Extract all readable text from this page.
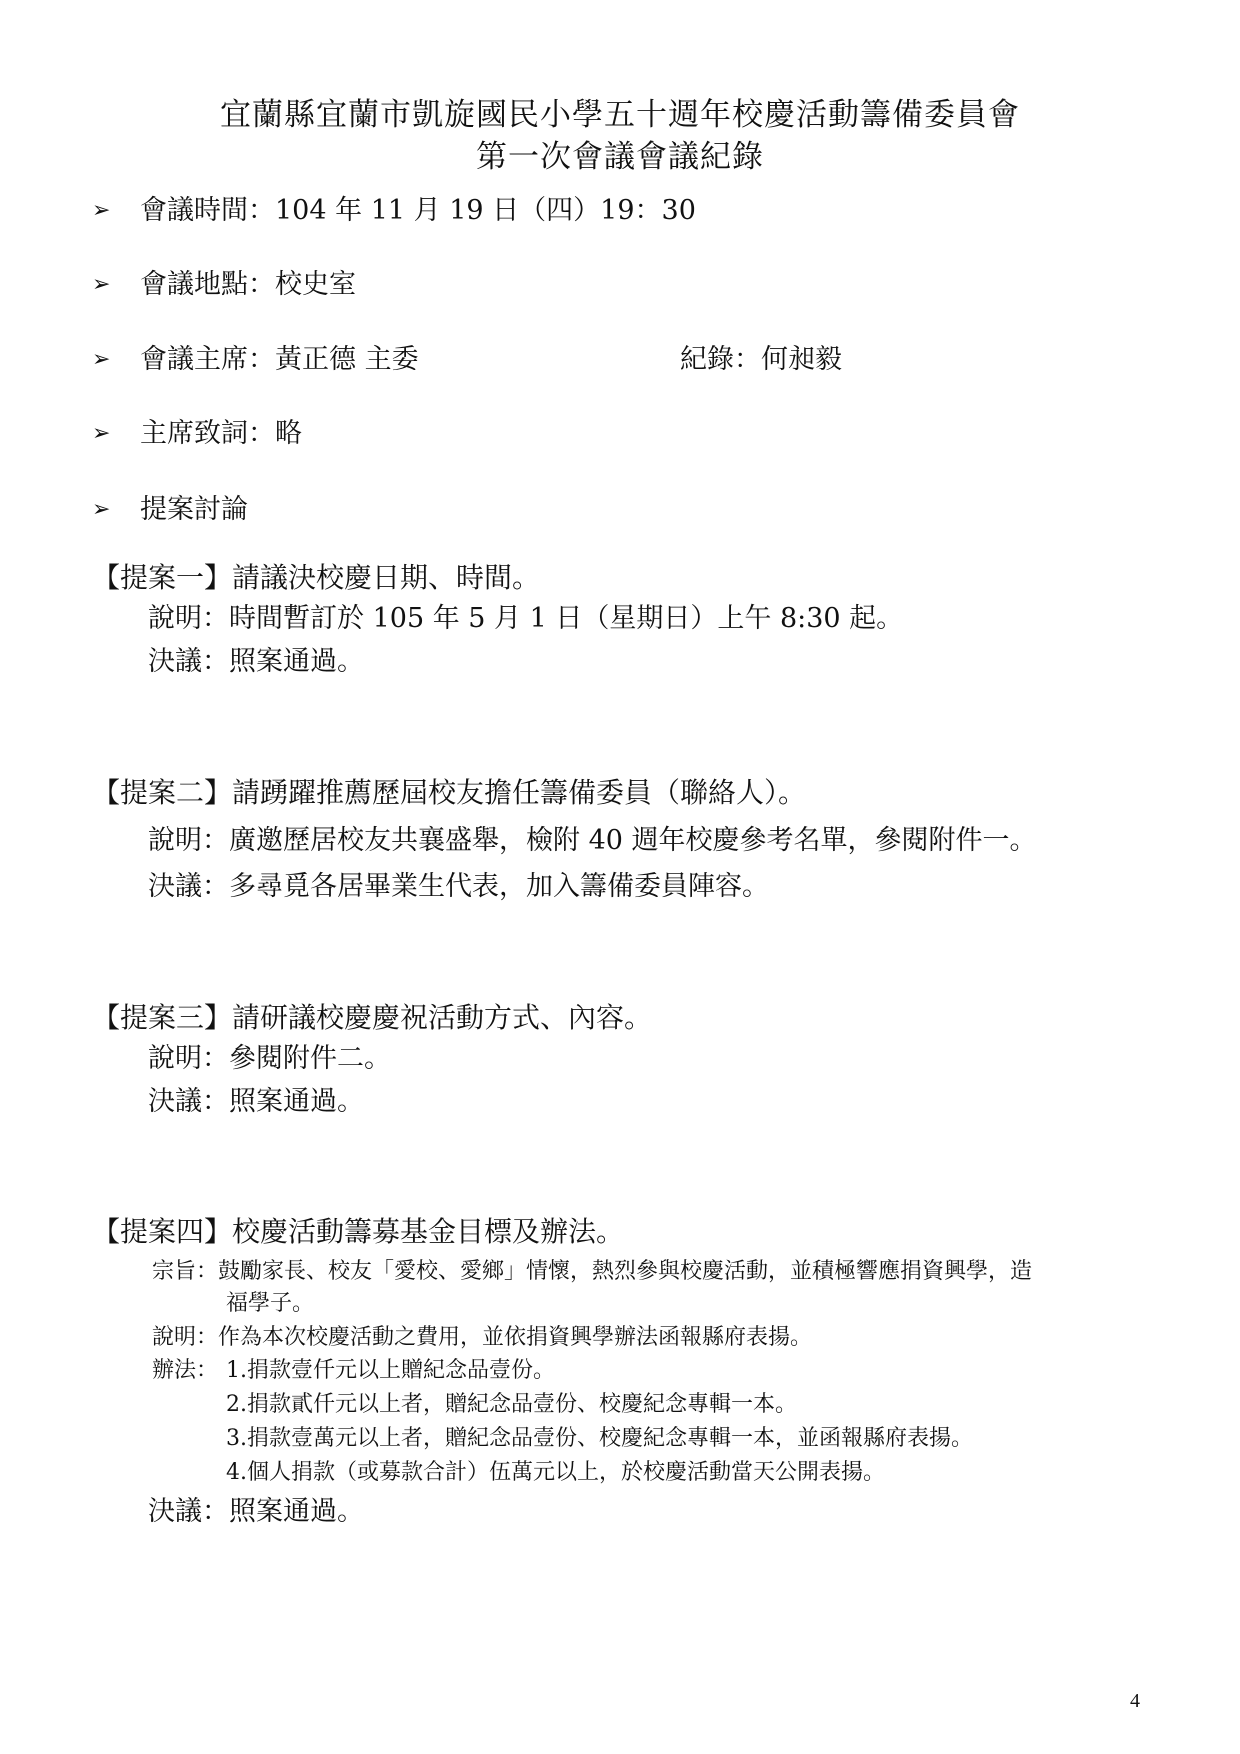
宜蘭縣宜蘭市凱旋國民小學五十週年校慶活動籌備委員會
第一次會議會議紀錄
➢ 會議時間：104 年 11 月 19 日（四）19：30
➢ 會議地點：校史室
➢ 會議主席：黃正德 主委	紀錄：何昶毅
➢ 主席致詞：略
➢ 提案討論
【提案一】請議決校慶日期、時間。
說明：時間暫訂於 105 年 5 月 1 日（星期日）上午 8:30 起。
決議：照案通過。
【提案二】請踴躍推薦歷屆校友擔任籌備委員（聯絡人）。
說明：廣邀歷居校友共襄盛舉，檢附 40 週年校慶參考名單，參閱附件一。
決議：多尋覓各居畢業生代表，加入籌備委員陣容。
【提案三】請研議校慶慶祝活動方式、內容。
說明：參閱附件二。
決議：照案通過。
【提案四】校慶活動籌募基金目標及辦法。
宗旨：鼓勵家長、校友「愛校、愛鄉」情懷，熱烈參與校慶活動，並積極響應捐資興學，造
福學子。
說明：作為本次校慶活動之費用，並依捐資興學辦法函報縣府表揚。
辦法： 1.捐款壹仟元以上贈紀念品壹份。
2.捐款貳仟元以上者，贈紀念品壹份、校慶紀念專輯一本。
3.捐款壹萬元以上者，贈紀念品壹份、校慶紀念專輯一本，並函報縣府表揚。
4.個人捐款（或募款合計）伍萬元以上，於校慶活動當天公開表揚。
決議：照案通過。
4
